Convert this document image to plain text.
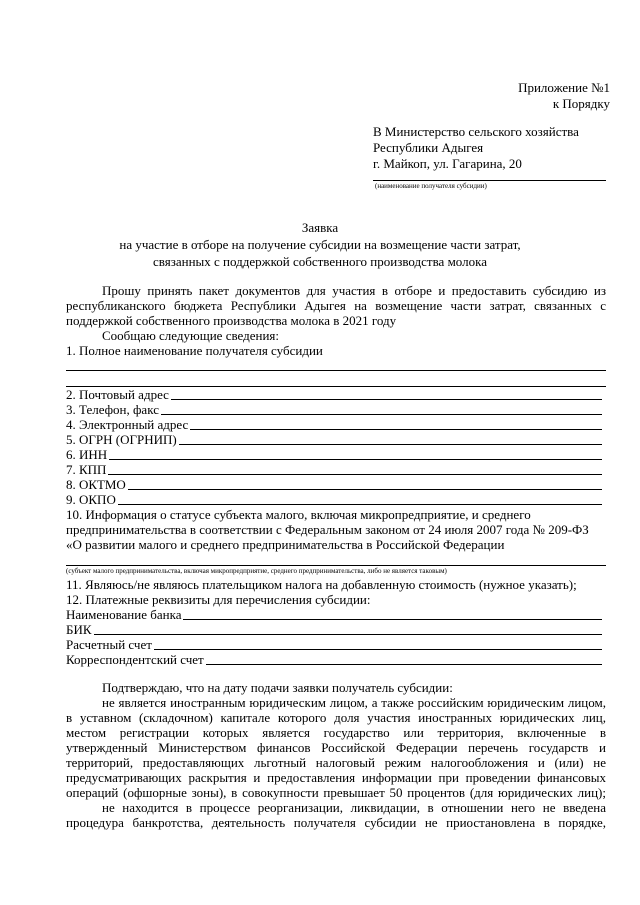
Приложение №1
к Порядку
В Министерство сельского хозяйства
Республики Адыгея
г. Майкоп, ул. Гагарина, 20
(наименование получателя субсидии)
Заявка
на участие в отборе на получение субсидии на возмещение части затрат,
связанных с поддержкой собственного производства молока
Прошу принять пакет документов для участия в отборе и предоставить субсидию из
республиканского бюджета Республики Адыгея на возмещение части затрат, связанных с
поддержкой собственного производства молока в 2021 году
Сообщаю следующие сведения:
1. Полное наименование получателя субсидии
2. Почтовый адрес
3. Телефон, факс
4. Электронный адрес
5. ОГРН (ОГРНИП)
6. ИНН
7. КПП
8. ОКТМО
9. ОКПО
10. Информация о статусе субъекта малого, включая микропредприятие, и среднего
предпринимательства в соответствии с Федеральным законом от 24 июля 2007 года № 209-ФЗ
«О развитии малого и среднего предпринимательства в Российской Федерации
(субъект малого предпринимательства, включая микропредприятие, среднего предпринимательства, либо не является таковым)
11. Являюсь/не являюсь плательщиком налога на добавленную стоимость (нужное указать);
12. Платежные реквизиты для перечисления субсидии:
Наименование банка
БИК
Расчетный счет
Корреспондентский счет
Подтверждаю, что на дату подачи заявки получатель субсидии:
не является иностранным юридическим лицом, а также российским юридическим лицом,
в уставном (складочном) капитале которого доля участия иностранных юридических лиц,
местом регистрации которых является государство или территория, включенные в
утвержденный Министерством финансов Российской Федерации перечень государств и
территорий, предоставляющих льготный налоговый режим налогообложения и (или) не
предусматривающих раскрытия и предоставления информации при проведении финансовых
операций (офшорные зоны), в совокупности превышает 50 процентов (для юридических лиц);
не находится в процессе реорганизации, ликвидации, в отношении него не введена
процедура банкротства, деятельность получателя субсидии не приостановлена в порядке,
